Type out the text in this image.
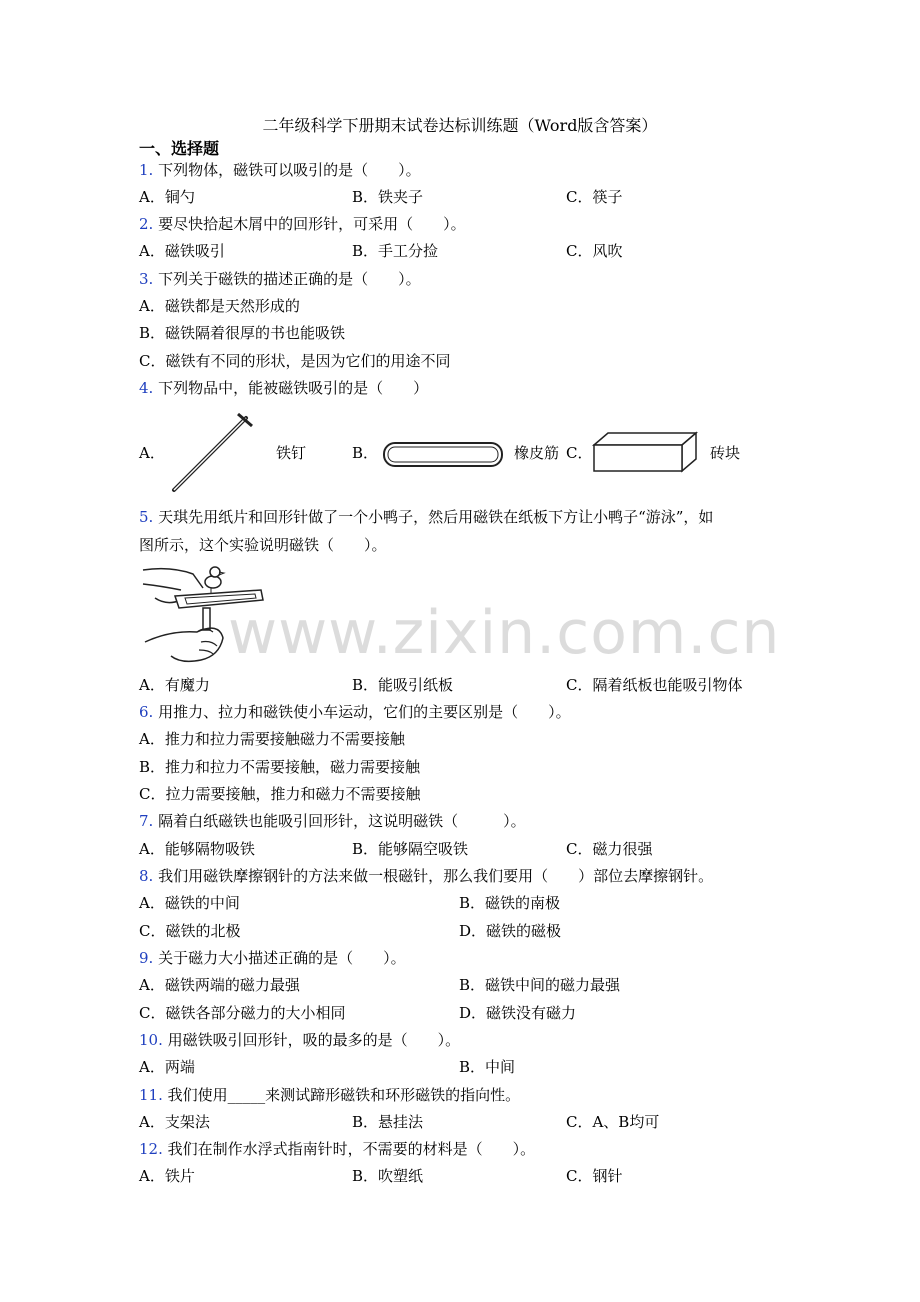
二年级科学下册期末试卷达标训练题（Word版含答案）
一、选择题
1. 下列物体，磁铁可以吸引的是（　　）。
A．铜勺	B．铁夹子	C．筷子
2. 要尽快拾起木屑中的回形针，可采用（　　）。
A．磁铁吸引	B．手工分捡	C．风吹
3. 下列关于磁铁的描述正确的是（　　）。
A．磁铁都是天然形成的
B．磁铁隔着很厚的书也能吸铁
C．磁铁有不同的形状，是因为它们的用途不同
4. 下列物品中，能被磁铁吸引的是（　　）
A．	铁钉	B．	橡皮筋 C．	砖块
5. 天琪先用纸片和回形针做了一个小鸭子，然后用磁铁在纸板下方让小鸭子“游泳”，如
图所示，这个实验说明磁铁（　　）。
A．有魔力	B．能吸引纸板	C．隔着纸板也能吸引物体
www.zixin.com.cn
6. 用推力、拉力和磁铁使小车运动，它们的主要区别是（　　）。
A．推力和拉力需要接触磁力不需要接触
B．推力和拉力不需要接触，磁力需要接触
C．拉力需要接触，推力和磁力不需要接触
7. 隔着白纸磁铁也能吸引回形针，这说明磁铁（　　　）。
A．能够隔物吸铁	B．能够隔空吸铁	C．磁力很强
8. 我们用磁铁摩擦钢针的方法来做一根磁针，那么我们要用（　　）部位去摩擦钢针。
A．磁铁的中间	B．磁铁的南极
C．磁铁的北极	D．磁铁的磁极
9. 关于磁力大小描述正确的是（　　）。
A．磁铁两端的磁力最强	B．磁铁中间的磁力最强
C．磁铁各部分磁力的大小相同	D．磁铁没有磁力
10. 用磁铁吸引回形针，吸的最多的是（　　）。
A．两端	B．中间
11. 我们使用_____来测试蹄形磁铁和环形磁铁的指向性。
A．支架法	B．悬挂法	C．A、B均可
12. 我们在制作水浮式指南针时，不需要的材料是（　　）。
A．铁片	B．吹塑纸	C．钢针
